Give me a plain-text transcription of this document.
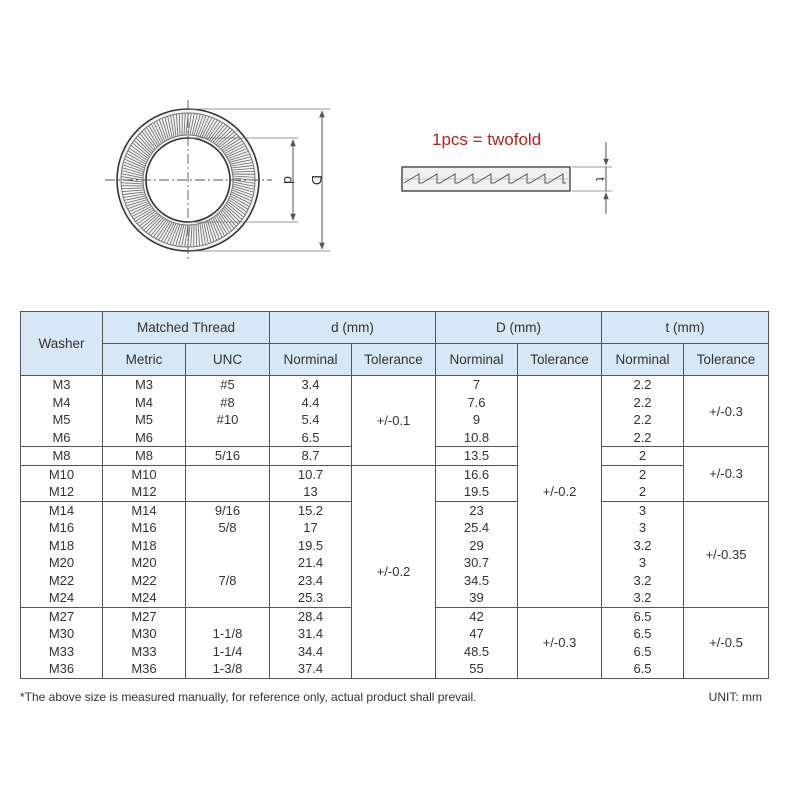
d D	t
1pcs = twofold
Washer	Matched Thread		d (mm)		D (mm)		t (mm)	
	Metric	UNC	Norminal	Tolerance	Norminal	Tolerance	Norminal	Tolerance
M3	M3	#5	3.4	+/-0.1	7	+/-0.2	2.2	+/-0.3
M4	M4	#8	4.4		7.6		2.2	
M5	M5	#10	5.4		9		2.2	
M6	M6		6.5		10.8		2.2	
M8	M8	5/16	8.7		13.5		2	+/-0.3
M10	M10		10.7	+/-0.2	16.6		2	
M12	M12		13		19.5		2	
M14	M14	9/16	15.2		23		3	+/-0.35
M16	M16	5/8	17		25.4		3	
M18	M18		19.5		29		3.2	
M20	M20		21.4		30.7		3	
M22	M22	7/8	23.4		34.5		3.2	
M24	M24		25.3		39		3.2	
M27	M27		28.4		42	+/-0.3	6.5	+/-0.5
M30	M30	1-1/8	31.4		47		6.5	
M33	M33	1-1/4	34.4		48.5		6.5	
M36	M36	1-3/8	37.4		55		6.5	
*The above size is measured manually, for reference only, actual product shall prevail.	UNIT: mm
